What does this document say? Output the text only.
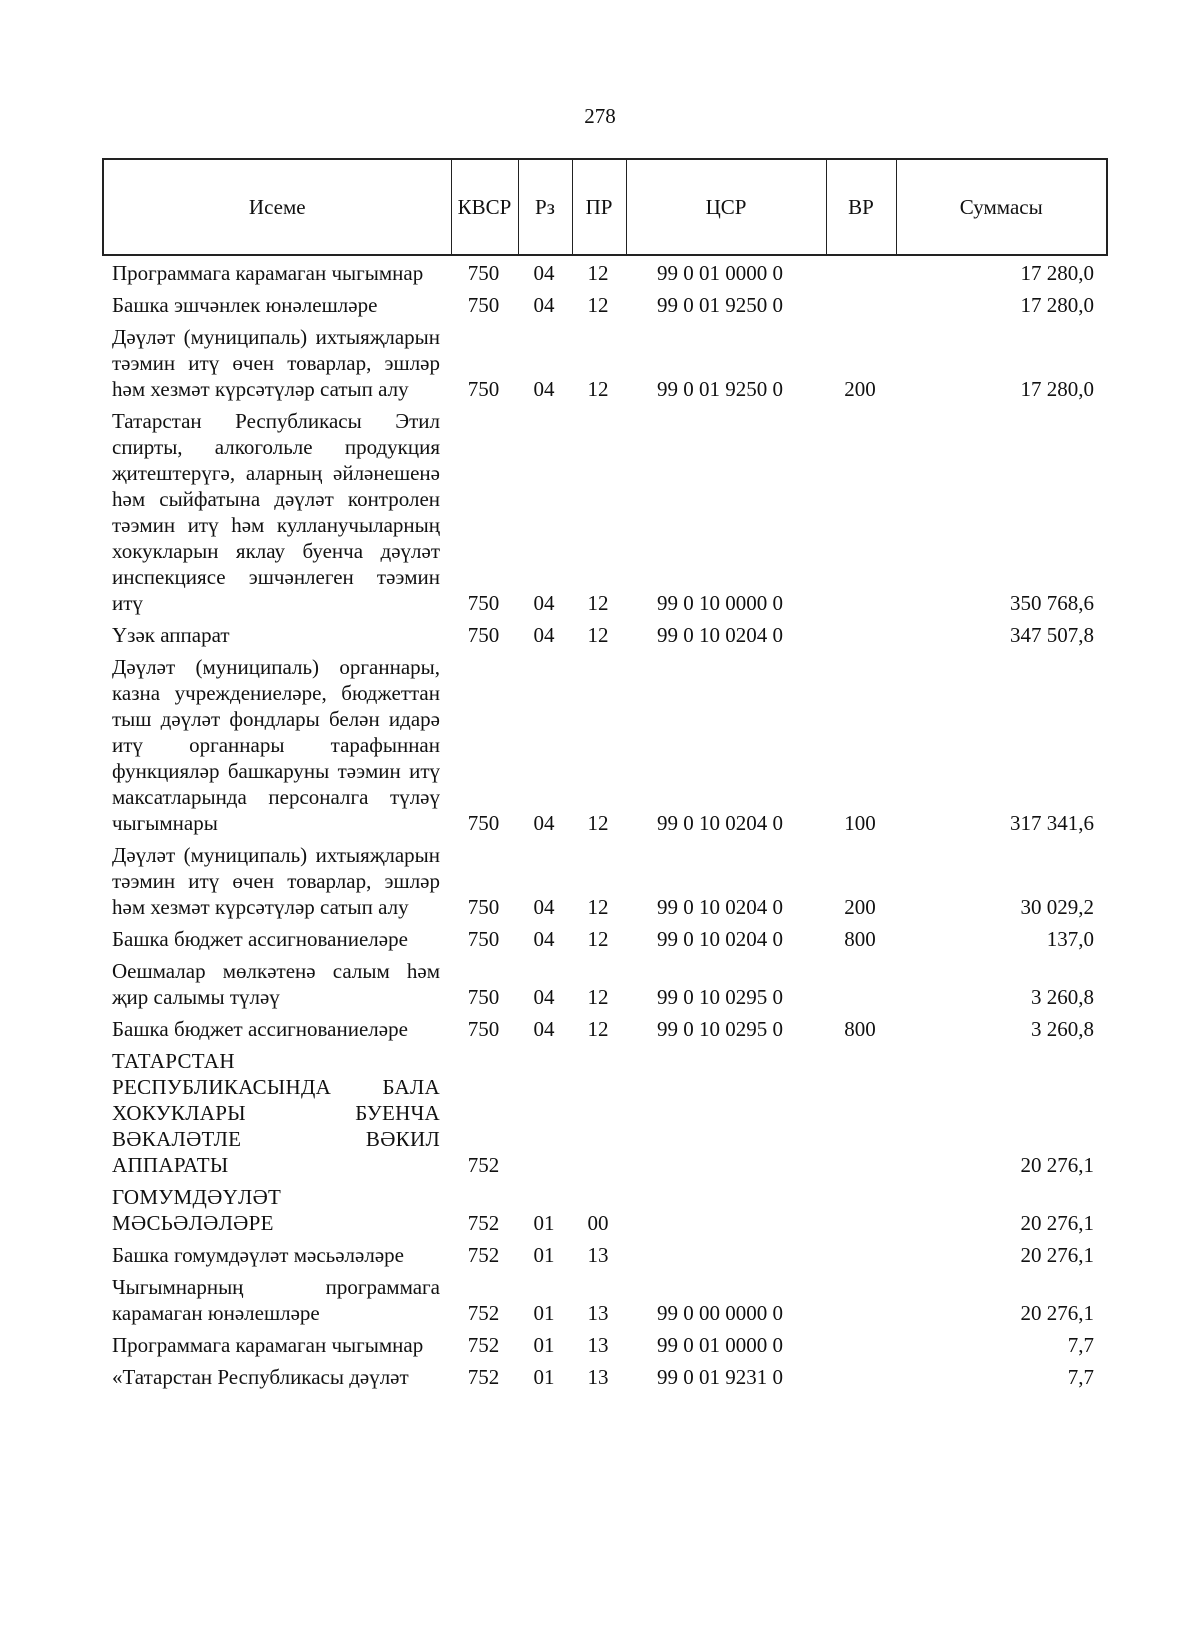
278
Исеме	КВСР	Рз	ПР	ЦСР	ВР	Суммасы
Программага карамаган чыгымнар	750	04	12	99 0 01 0000 0		17 280,0
Башка эшчәнлек юнәлешләре	750	04	12	99 0 01 9250 0		17 280,0
Дәүләт (муниципаль) ихтыяҗларын тәэмин итү өчен товарлар, эшләр һәм хезмәт күрсәтүләр сатып алу	750	04	12	99 0 01 9250 0	200	17 280,0
Татарстан Республикасы Этил спирты, алкогольле продукция җитештерүгә, аларның әйләнешенә һәм сыйфатына дәүләт контролен тәэмин итү һәм кулланучыларның хокукларын яклау буенча дәүләт инспекциясе эшчәнлеген тәэмин итү	750	04	12	99 0 10 0000 0		350 768,6
Үзәк аппарат	750	04	12	99 0 10 0204 0		347 507,8
Дәүләт (муниципаль) органнары, казна учреждениеләре, бюджеттан тыш дәүләт фондлары белән идарә итү органнары тарафыннан функцияләр башкаруны тәэмин итү максатларында персоналга түләү чыгымнары	750	04	12	99 0 10 0204 0	100	317 341,6
Дәүләт (муниципаль) ихтыяҗларын тәэмин итү өчен товарлар, эшләр һәм хезмәт күрсәтүләр сатып алу	750	04	12	99 0 10 0204 0	200	30 029,2
Башка бюджет ассигнованиеләре	750	04	12	99 0 10 0204 0	800	137,0
Оешмалар мөлкәтенә салым һәм җир салымы түләү	750	04	12	99 0 10 0295 0		3 260,8
Башка бюджет ассигнованиеләре	750	04	12	99 0 10 0295 0	800	3 260,8
ТАТАРСТАН РЕСПУБЛИКАСЫНДА БАЛА ХОКУКЛАРЫ БУЕНЧА ВӘКАЛӘТЛЕ ВӘКИЛ АППАРАТЫ	752					20 276,1
ГОМУМДӘҮЛӘТ МӘСЬӘЛӘЛӘРЕ	752	01	00			20 276,1
Башка гомумдәүләт мәсьәләләре	752	01	13			20 276,1
Чыгымнарның программага карамаган юнәлешләре	752	01	13	99 0 00 0000 0		20 276,1
Программага карамаган чыгымнар	752	01	13	99 0 01 0000 0		7,7
«Татарстан Республикасы дәүләт	752	01	13	99 0 01 9231 0		7,7
